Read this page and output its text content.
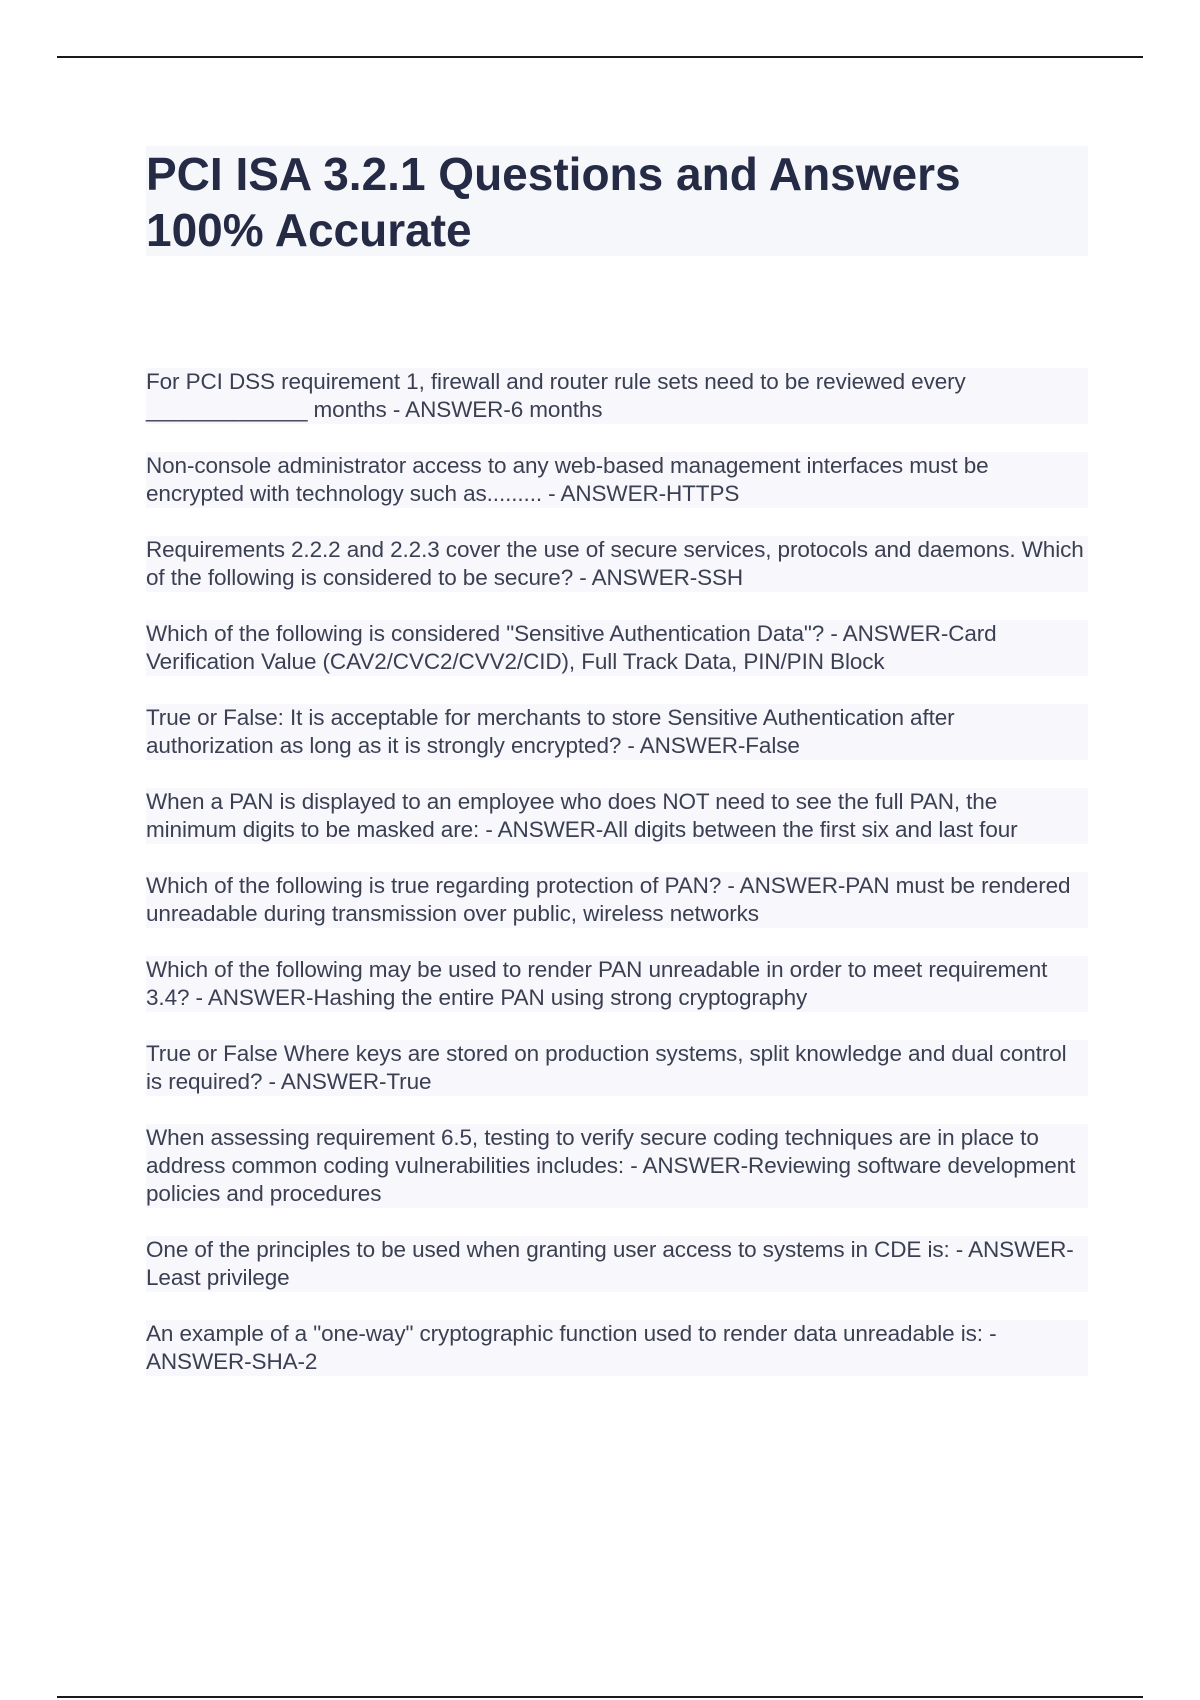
PCI ISA 3.2.1 Questions and Answers 100% Accurate

For PCI DSS requirement 1, firewall and router rule sets need to be reviewed every _____________ months - ANSWER-6 months

Non-console administrator access to any web-based management interfaces must be encrypted with technology such as......... - ANSWER-HTTPS

Requirements 2.2.2 and 2.2.3 cover the use of secure services, protocols and daemons. Which of the following is considered to be secure? - ANSWER-SSH

Which of the following is considered "Sensitive Authentication Data"? - ANSWER-Card Verification Value (CAV2/CVC2/CVV2/CID), Full Track Data, PIN/PIN Block

True or False: It is acceptable for merchants to store Sensitive Authentication after authorization as long as it is strongly encrypted? - ANSWER-False

When a PAN is displayed to an employee who does NOT need to see the full PAN, the minimum digits to be masked are: - ANSWER-All digits between the first six and last four

Which of the following is true regarding protection of PAN? - ANSWER-PAN must be rendered unreadable during transmission over public, wireless networks

Which of the following may be used to render PAN unreadable in order to meet requirement 3.4? - ANSWER-Hashing the entire PAN using strong cryptography

True or False Where keys are stored on production systems, split knowledge and dual control is required? - ANSWER-True

When assessing requirement 6.5, testing to verify secure coding techniques are in place to address common coding vulnerabilities includes: - ANSWER-Reviewing software development policies and procedures

One of the principles to be used when granting user access to systems in CDE is: - ANSWER-Least privilege

An example of a "one-way" cryptographic function used to render data unreadable is: - ANSWER-SHA-2
